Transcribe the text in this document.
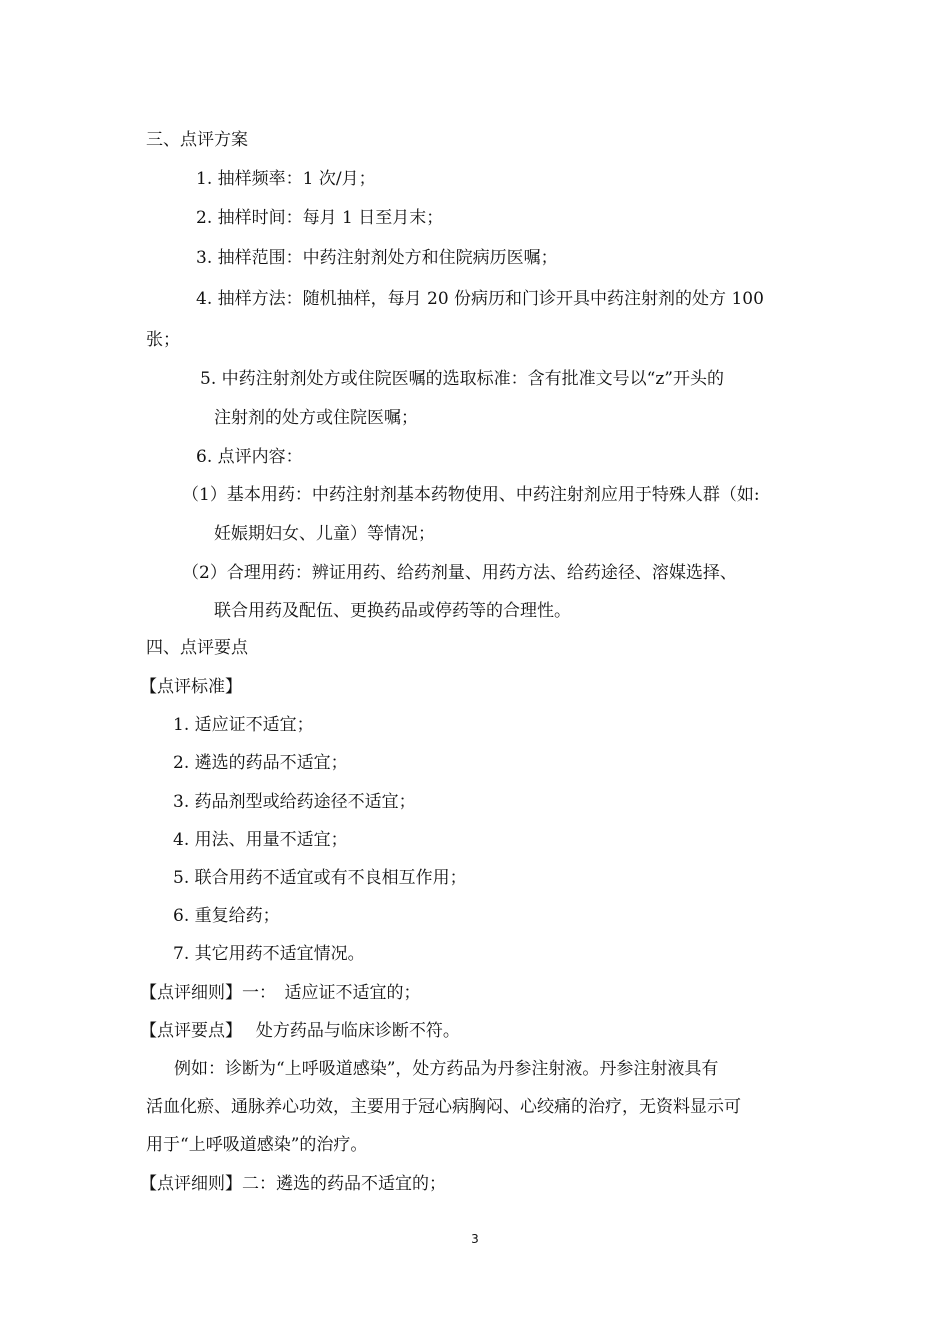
三、点评方案
1. 抽样频率：1 次/月；
2. 抽样时间：每月 1 日至月末；
3. 抽样范围：中药注射剂处方和住院病历医嘱；
4. 抽样方法：随机抽样，每月 20 份病历和门诊开具中药注射剂的处方 100
张；
5. 中药注射剂处方或住院医嘱的选取标准：含有批准文号以“z”开头的
注射剂的处方或住院医嘱；
6. 点评内容：
（1）基本用药：中药注射剂基本药物使用、中药注射剂应用于特殊人群（如:
妊娠期妇女、儿童）等情况；
（2）合理用药：辨证用药、给药剂量、用药方法、给药途径、溶媒选择、
联合用药及配伍、更换药品或停药等的合理性。
四、点评要点
【点评标准】
1. 适应证不适宜；
2. 遴选的药品不适宜；
3. 药品剂型或给药途径不适宜；
4. 用法、用量不适宜；
5. 联合用药不适宜或有不良相互作用；
6. 重复给药；
7. 其它用药不适宜情况。
【点评细则】一：　适应证不适宜的；
【点评要点】　 处方药品与临床诊断不符。
例如：诊断为“上呼吸道感染”，处方药品为丹参注射液。丹参注射液具有
活血化瘀、通脉养心功效，主要用于冠心病胸闷、心绞痛的治疗，无资料显示可
用于“上呼吸道感染”的治疗。
【点评细则】二：遴选的药品不适宜的；
3
